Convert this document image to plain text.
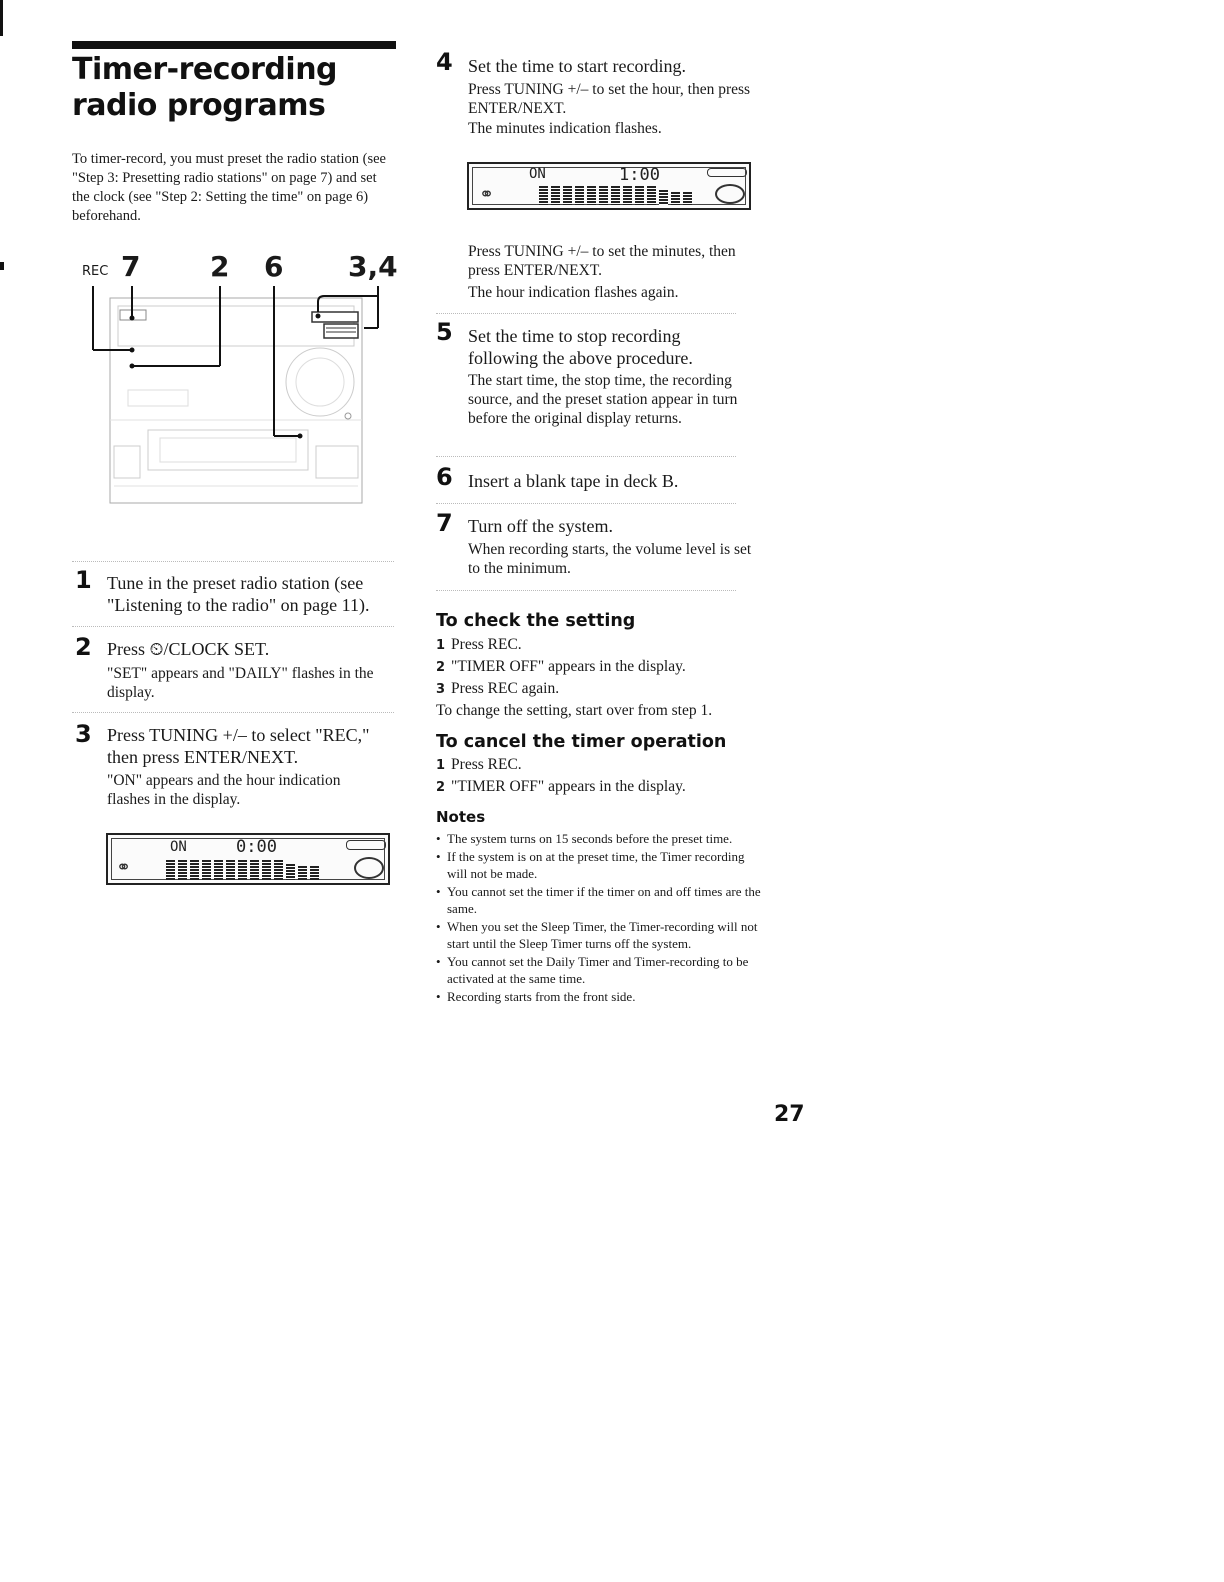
Timer-recording radio programs
To timer-record, you must preset the radio station (see "Step 3: Presetting radio stations" on page 7) and set the clock (see "Step 2: Setting the time" on page 6) beforehand.
REC 7 2 6 3,4
1 Tune in the preset radio station (see "Listening to the radio" on page 11).
2 Press ⏲/CLOCK SET.
"SET" appears and "DAILY" flashes in the display.
3 Press TUNING +/– to select "REC," then press ENTER/NEXT.
"ON" appears and the hour indication flashes in the display.
ON	0:00
⚭
4 Set the time to start recording.
Press TUNING +/– to set the hour, then press ENTER/NEXT.
The minutes indication flashes.
ON	1:00
⚭
Press TUNING +/– to set the minutes, then press ENTER/NEXT.
The hour indication flashes again.
5 Set the time to stop recording following the above procedure.
The start time, the stop time, the recording source, and the preset station appear in turn before the original display returns.
6 Insert a blank tape in deck B.
7 Turn off the system.
When recording starts, the volume level is set to the minimum.
To check the setting
1 Press REC.
2 "TIMER OFF" appears in the display.
3 Press REC again.
To change the setting, start over from step 1.
To cancel the timer operation
1 Press REC.
2 "TIMER OFF" appears in the display.
Notes
• The system turns on 15 seconds before the preset time.
• If the system is on at the preset time, the Timer recording will not be made.
• You cannot set the timer if the timer on and off times are the same.
• When you set the Sleep Timer, the Timer-recording will not start until the Sleep Timer turns off the system.
• You cannot set the Daily Timer and Timer-recording to be activated at the same time.
• Recording starts from the front side.
27
